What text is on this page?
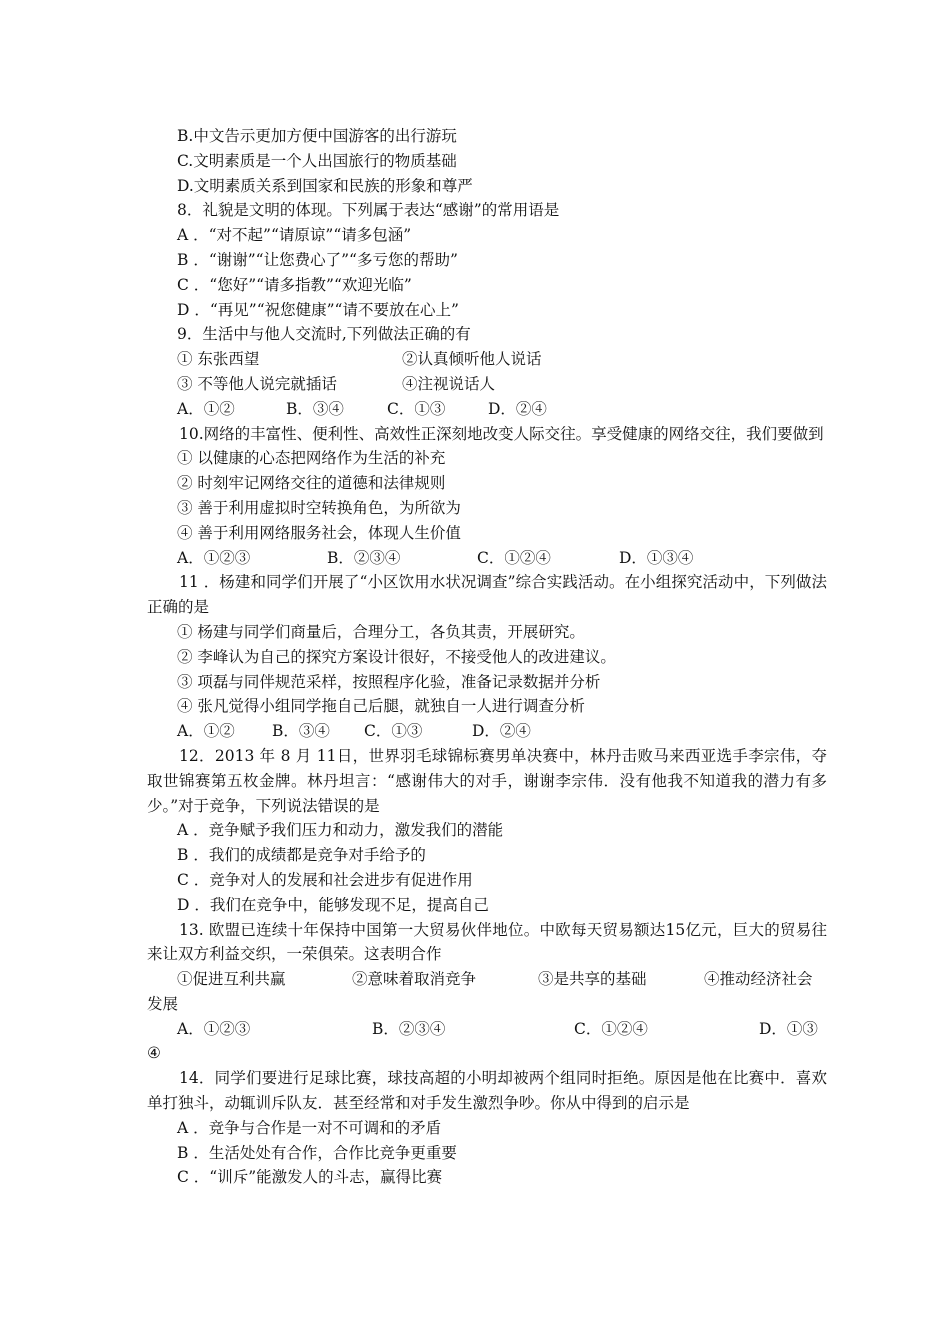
B.中文告示更加方便中国游客的出行游玩
C.文明素质是一个人出国旅行的物质基础
D.文明素质关系到国家和民族的形象和尊严
8．礼貌是文明的体现。下列属于表达“感谢”的常用语是
A ．“对不起”“请原谅”“请多包涵”
B ．“谢谢”“让您费心了”“多亏您的帮助”
C ．“您好”“请多指教”“欢迎光临”
D ．“再见”“祝您健康”“请不要放在心上”
9．生活中与他人交流时,下列做法正确的有
① 东张西望	②认真倾听他人说话
③ 不等他人说完就插话	④注视说话人
A．①②	B．③④	C．①③	D．②④
10.网络的丰富性、便利性、高效性正深刻地改变人际交往。享受健康的网络交往，我们要做到
① 以健康的心态把网络作为生活的补充
② 时刻牢记网络交往的道德和法律规则
③ 善于利用虚拟时空转换角色，为所欲为
④ 善于利用网络服务社会，体现人生价值
A．①②③	B．②③④	C．①②④	D．①③④
11 ．杨建和同学们开展了“小区饮用水状况调查”综合实践活动。在小组探究活动中，下列做法正确的是
① 杨建与同学们商量后，合理分工，各负其责，开展研究。
② 李峰认为自己的探究方案设计很好，不接受他人的改进建议。
③ 项磊与同伴规范采样，按照程序化验，准备记录数据并分析
④ 张凡觉得小组同学拖自己后腿，就独自一人进行调查分析
A．①②	B．③④	C．①③	D．②④
12．2013 年 8 月 11日，世界羽毛球锦标赛男单决赛中，林丹击败马来西亚选手李宗伟，夺取世锦赛第五枚金牌。林丹坦言：“感谢伟大的对手，谢谢李宗伟．没有他我不知道我的潜力有多少。”对于竞争，下列说法错误的是
A ．竞争赋予我们压力和动力，激发我们的潜能
B ．我们的成绩都是竞争对手给予的
C ．竞争对人的发展和社会进步有促进作用
D ．我们在竞争中，能够发现不足，提高自己
13. 欧盟已连续十年保持中国第一大贸易伙伴地位。中欧每天贸易额达15亿元，巨大的贸易往来让双方利益交织，一荣俱荣。这表明合作
①促进互利共赢	②意味着取消竞争	③是共享的基础	④推动经济社会
发展
A．①②③	B．②③④	C．①②④	D．①③
④
14．同学们要进行足球比赛，球技高超的小明却被两个组同时拒绝。原因是他在比赛中．喜欢单打独斗，动辄训斥队友．甚至经常和对手发生激烈争吵。你从中得到的启示是
A ．竞争与合作是一对不可调和的矛盾
B ．生活处处有合作，合作比竞争更重要
C ．“训斥”能激发人的斗志，赢得比赛
